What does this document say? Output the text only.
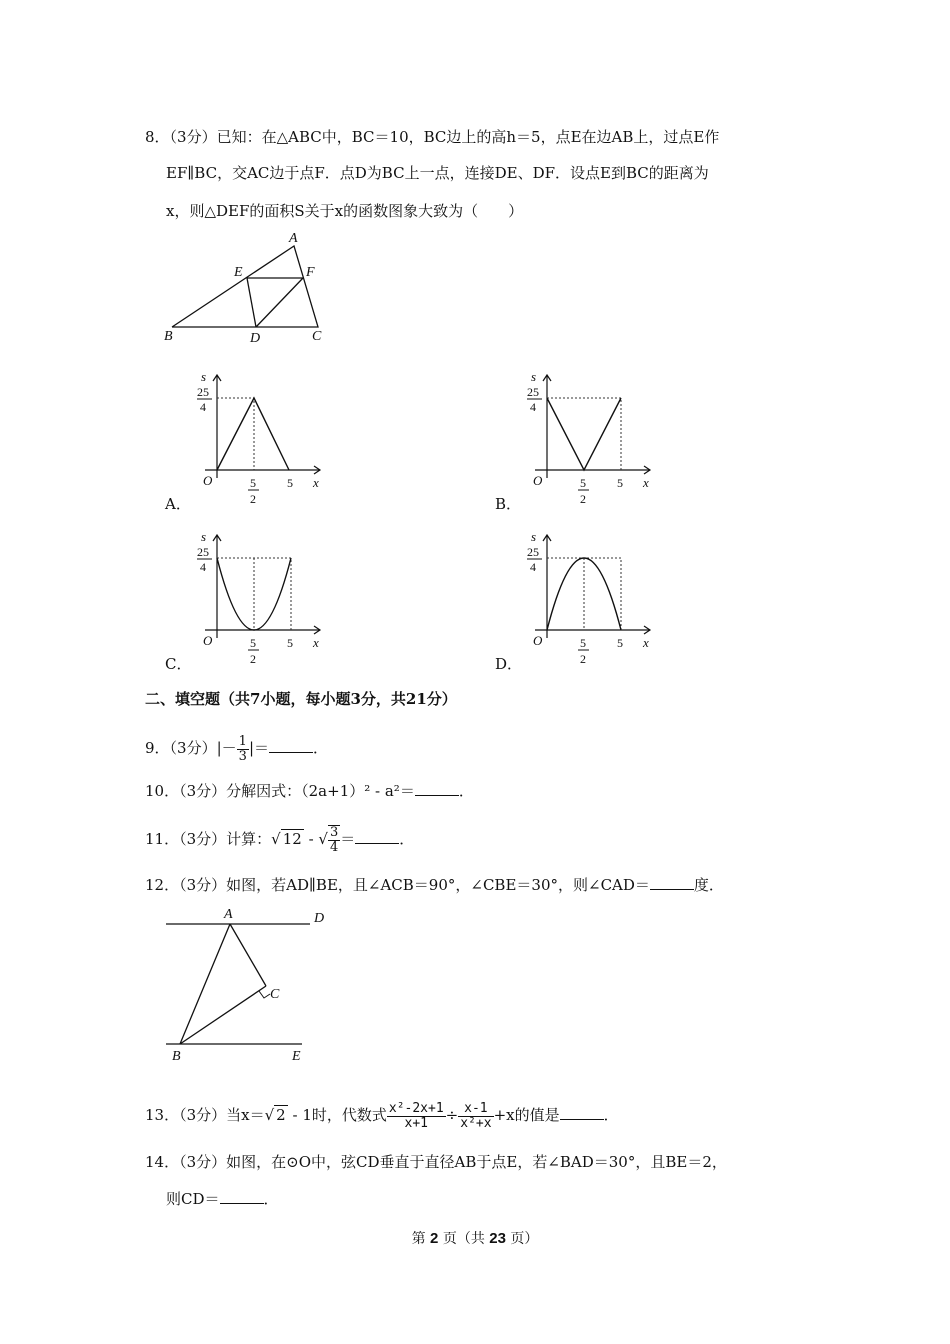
8．（3分）已知：在△ABC中，BC＝10，BC边上的高h＝5，点E在边AB上，过点E作
EF∥BC，交AC边于点F．点D为BC上一点，连接DE、DF．设点E到BC的距离为
x，则△DEF的面积S关于x的函数图象大致为（　　）
A
E	F
B	D	C
A．
s
25
4
O	5
2
5 x
B．
s
25
4
O	5
2
5 x
C．
s
25
4
O	5
2
5 x
D．
s
25
4
O	5
2
5 x
二、填空题（共7小题，每小题3分，共21分）
9．（3分）|－ $\frac{1}{3}$ |＝	．
10．（3分）分解因式：（2a+1）² - a²＝	．
11．（3分）计算：√ 12 - √ $\frac{3}{4}$ ＝	．
12．（3分）如图，若AD∥BE，且∠ACB＝90°，∠CBE＝30°，则∠CAD＝	度．
A	D
C
B	E
13．（3分）当x＝√ 2 - 1时，代数式 $\frac{\text{x²-2x+1}}{x+1} \div \frac{x-1}{\text{x²+x}} +x$的值是	．
14．（3分）如图，在⊙O中，弦CD垂直于直径AB于点E，若∠BAD＝30°，且BE＝2，
则CD＝	．
第 2 页（共 23 页）
